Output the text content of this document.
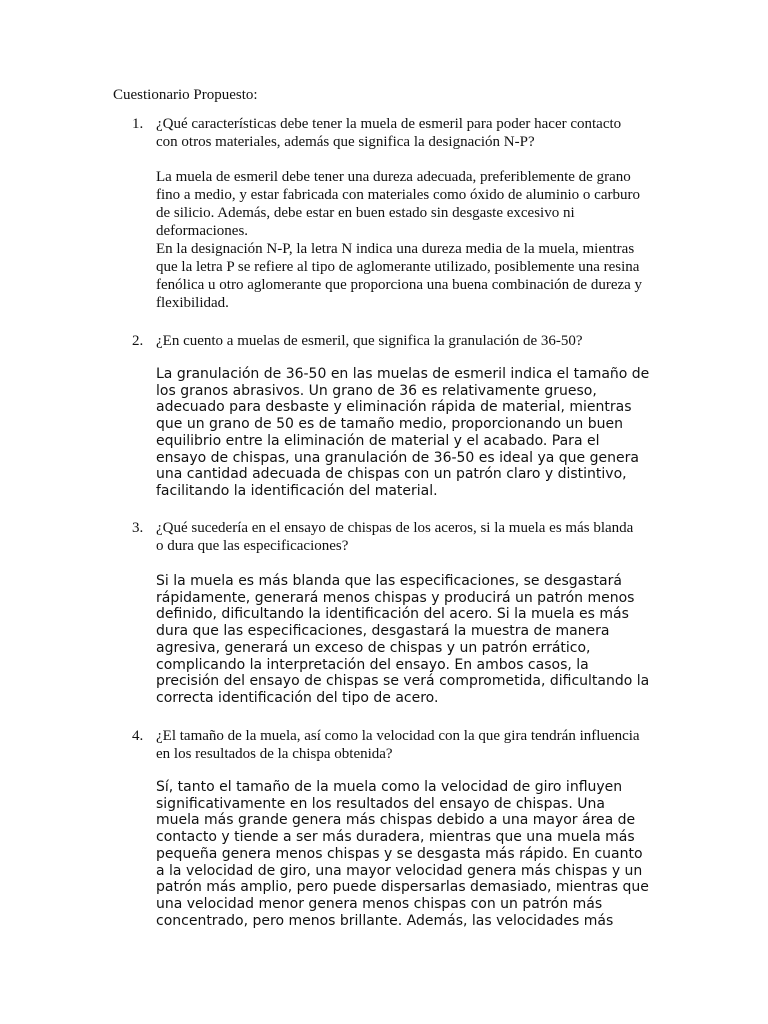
Cuestionario Propuesto:
1. ¿Qué características debe tener la muela de esmeril para poder hacer contacto
con otros materiales, además que significa la designación N-P?
La muela de esmeril debe tener una dureza adecuada, preferiblemente de grano
fino a medio, y estar fabricada con materiales como óxido de aluminio o carburo
de silicio. Además, debe estar en buen estado sin desgaste excesivo ni
deformaciones.
En la designación N-P, la letra N indica una dureza media de la muela, mientras
que la letra P se refiere al tipo de aglomerante utilizado, posiblemente una resina
fenólica u otro aglomerante que proporciona una buena combinación de dureza y
flexibilidad.
2. ¿En cuento a muelas de esmeril, que significa la granulación de 36-50?
La granulación de 36-50 en las muelas de esmeril indica el tamaño de
los granos abrasivos. Un grano de 36 es relativamente grueso,
adecuado para desbaste y eliminación rápida de material, mientras
que un grano de 50 es de tamaño medio, proporcionando un buen
equilibrio entre la eliminación de material y el acabado. Para el
ensayo de chispas, una granulación de 36-50 es ideal ya que genera
una cantidad adecuada de chispas con un patrón claro y distintivo,
facilitando la identificación del material.
3. ¿Qué sucedería en el ensayo de chispas de los aceros, si la muela es más blanda
o dura que las especificaciones?
Si la muela es más blanda que las especificaciones, se desgastará
rápidamente, generará menos chispas y producirá un patrón menos
definido, dificultando la identificación del acero. Si la muela es más
dura que las especificaciones, desgastará la muestra de manera
agresiva, generará un exceso de chispas y un patrón errático,
complicando la interpretación del ensayo. En ambos casos, la
precisión del ensayo de chispas se verá comprometida, dificultando la
correcta identificación del tipo de acero.
4. ¿El tamaño de la muela, así como la velocidad con la que gira tendrán influencia
en los resultados de la chispa obtenida?
Sí, tanto el tamaño de la muela como la velocidad de giro influyen
significativamente en los resultados del ensayo de chispas. Una
muela más grande genera más chispas debido a una mayor área de
contacto y tiende a ser más duradera, mientras que una muela más
pequeña genera menos chispas y se desgasta más rápido. En cuanto
a la velocidad de giro, una mayor velocidad genera más chispas y un
patrón más amplio, pero puede dispersarlas demasiado, mientras que
una velocidad menor genera menos chispas con un patrón más
concentrado, pero menos brillante. Además, las velocidades más
